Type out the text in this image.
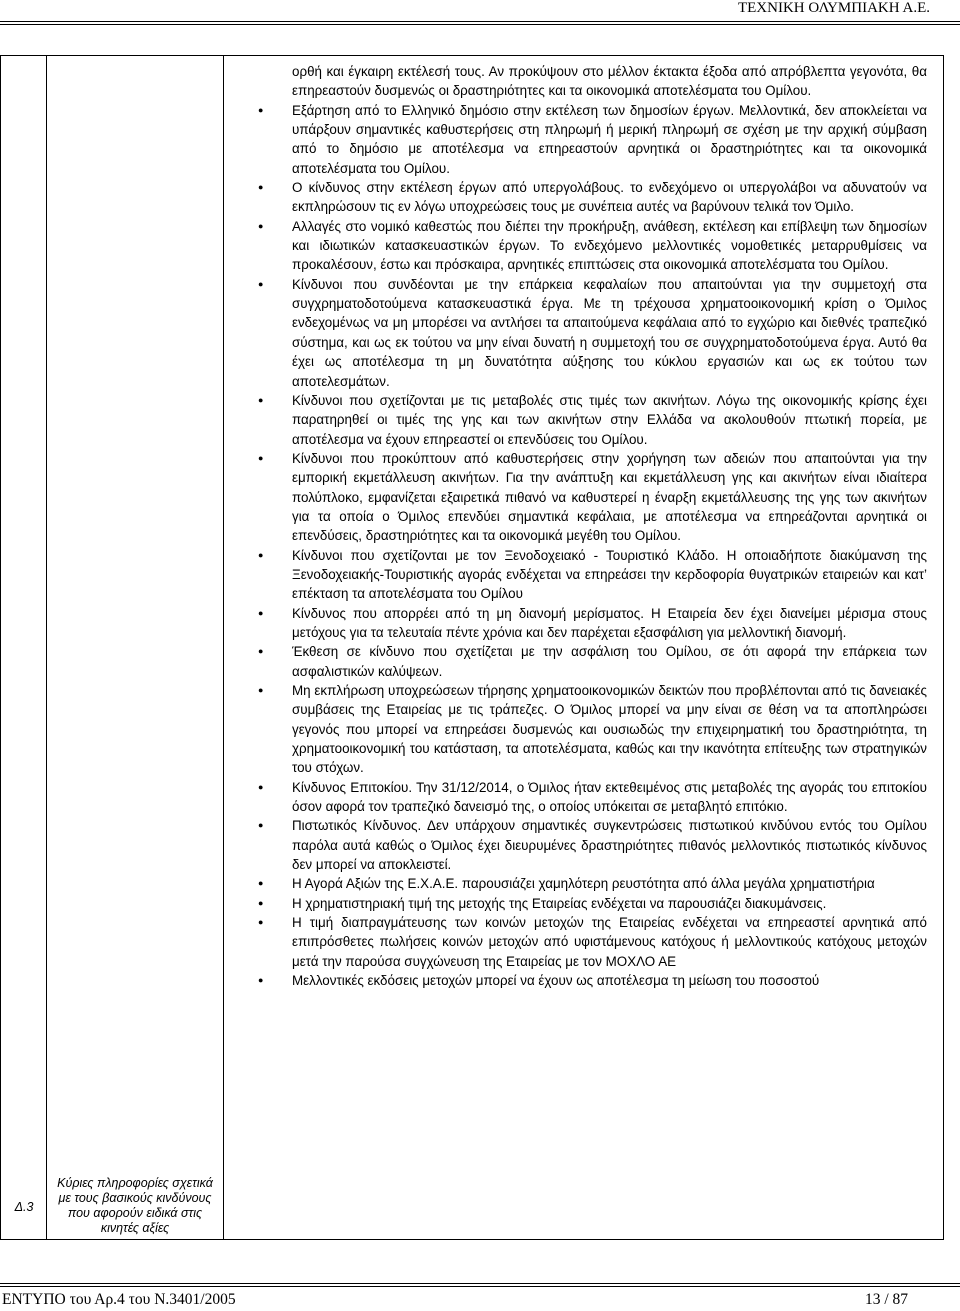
ΤΕΧΝΙΚΗ ΟΛΥΜΠΙΑΚΗ Α.Ε.
Δ.3
Κύριες πληροφορίες σχετικά με τους βασικούς κινδύνους που αφορούν ειδικά στις κινητές αξίες

ορθή και έγκαιρη εκτέλεσή τους. Αν προκύψουν στο μέλλον έκτακτα έξοδα από απρόβλεπτα γεγονότα, θα επηρεαστούν δυσμενώς οι δραστηριότητες και τα οικονομικά αποτελέσματα του Ομίλου.

● Εξάρτηση από το Ελληνικό δημόσιο στην εκτέλεση των δημοσίων έργων. Μελλοντικά, δεν αποκλείεται να υπάρξουν σημαντικές καθυστερήσεις στη πληρωμή ή μερική πληρωμή σε σχέση με την αρχική σύμβαση από το δημόσιο με αποτέλεσμα να επηρεαστούν αρνητικά οι δραστηριότητες και τα οικονομικά αποτελέσματα του Ομίλου.
● Ο κίνδυνος στην εκτέλεση έργων από υπεργολάβους. το ενδεχόμενο οι υπεργολάβοι να αδυνατούν να εκπληρώσουν τις εν λόγω υποχρεώσεις τους με συνέπεια αυτές να βαρύνουν τελικά τον Όμιλο.
● Αλλαγές στο νομικό καθεστώς που διέπει την προκήρυξη, ανάθεση, εκτέλεση και επίβλεψη των δημοσίων και ιδιωτικών κατασκευαστικών έργων. Το ενδεχόμενο μελλοντικές νομοθετικές μεταρρυθμίσεις να προκαλέσουν, έστω και πρόσκαιρα, αρνητικές επιπτώσεις στα οικονομικά αποτελέσματα του Ομίλου.
● Κίνδυνοι που συνδέονται με την επάρκεια κεφαλαίων που απαιτούνται για την συμμετοχή στα συγχρηματοδοτούμενα κατασκευαστικά έργα. Με τη τρέχουσα χρηματοοικονομική κρίση ο Όμιλος ενδεχομένως να μη μπορέσει να αντλήσει τα απαιτούμενα κεφάλαια από το εγχώριο και διεθνές τραπεζικό σύστημα, και ως εκ τούτου να μην είναι δυνατή η συμμετοχή του σε συγχρηματοδοτούμενα έργα. Αυτό θα έχει ως αποτέλεσμα τη μη δυνατότητα αύξησης του κύκλου εργασιών και ως εκ τούτου των αποτελεσμάτων.
● Κίνδυνοι που σχετίζονται με τις μεταβολές στις τιμές των ακινήτων. Λόγω της οικονομικής κρίσης έχει παρατηρηθεί οι τιμές της γης και των ακινήτων στην Ελλάδα να ακολουθούν πτωτική πορεία, με αποτέλεσμα να έχουν επηρεαστεί οι επενδύσεις του Ομίλου.
● Κίνδυνοι που προκύπτουν από καθυστερήσεις στην χορήγηση των αδειών που απαιτούνται για την εμπορική εκμετάλλευση ακινήτων. Για την ανάπτυξη και εκμετάλλευση γης και ακινήτων είναι ιδιαίτερα πολύπλοκο, εμφανίζεται εξαιρετικά πιθανό να καθυστερεί η έναρξη εκμετάλλευσης της γης των ακινήτων για τα οποία ο Όμιλος επενδύει σημαντικά κεφάλαια, με αποτέλεσμα να επηρεάζονται αρνητικά οι επενδύσεις, δραστηριότητες και τα οικονομικά μεγέθη του Ομίλου.
● Κίνδυνοι που σχετίζονται με τον Ξενοδοχειακό - Τουριστικό Κλάδο. Η οποιαδήποτε διακύμανση της Ξενοδοχειακής-Τουριστικής αγοράς ενδέχεται να επηρεάσει την κερδοφορία θυγατρικών εταιρειών και κατ’ επέκταση τα αποτελέσματα του Ομίλου
● Κίνδυνος που απορρέει από τη μη διανομή μερίσματος. Η Εταιρεία δεν έχει διανείμει μέρισμα στους μετόχους για τα τελευταία πέντε χρόνια και δεν παρέχεται εξασφάλιση για μελλοντική διανομή.
● Έκθεση σε κίνδυνο που σχετίζεται με την ασφάλιση του Ομίλου, σε ότι αφορά την επάρκεια των ασφαλιστικών καλύψεων.
● Μη εκπλήρωση υποχρεώσεων τήρησης χρηματοοικονομικών δεικτών που προβλέπονται από τις δανειακές συμβάσεις της Εταιρείας με τις τράπεζες. Ο Όμιλος μπορεί να μην είναι σε θέση να τα αποπληρώσει γεγονός που μπορεί να επηρεάσει δυσμενώς και ουσιωδώς την επιχειρηματική του δραστηριότητα, τη χρηματοοικονομική του κατάσταση, τα αποτελέσματα, καθώς και την ικανότητα επίτευξης των στρατηγικών του στόχων.
● Κίνδυνος Επιτοκίου. Την 31/12/2014, ο Όμιλος ήταν εκτεθειμένος στις μεταβολές της αγοράς του επιτοκίου όσον αφορά τον τραπεζικό δανεισμό της, ο οποίος υπόκειται σε μεταβλητό επιτόκιο.
● Πιστωτικός Κίνδυνος. Δεν υπάρχουν σημαντικές συγκεντρώσεις πιστωτικού κινδύνου εντός του Ομίλου παρόλα αυτά καθώς ο Όμιλος έχει διευρυμένες δραστηριότητες πιθανός μελλοντικός πιστωτικός κίνδυνος δεν μπορεί να αποκλειστεί.
● Η Αγορά Αξιών της Ε.Χ.Α.Ε. παρουσιάζει χαμηλότερη ρευστότητα από άλλα μεγάλα χρηματιστήρια
● Η χρηματιστηριακή τιμή της μετοχής της Εταιρείας ενδέχεται να παρουσιάζει διακυμάνσεις.
● Η τιμή διαπραγμάτευσης των κοινών μετοχών της Εταιρείας ενδέχεται να επηρεαστεί αρνητικά από επιπρόσθετες πωλήσεις κοινών μετοχών από υφιστάμενους κατόχους ή μελλοντικούς κατόχους μετοχών μετά την παρούσα συγχώνευση της Εταιρείας με τον ΜΟΧΛΟ ΑΕ
● Μελλοντικές εκδόσεις μετοχών μπορεί να έχουν ως αποτέλεσμα τη μείωση του ποσοστού
ΕΝΤΥΠΟ του Αρ.4 του Ν.3401/2005	13 / 87
